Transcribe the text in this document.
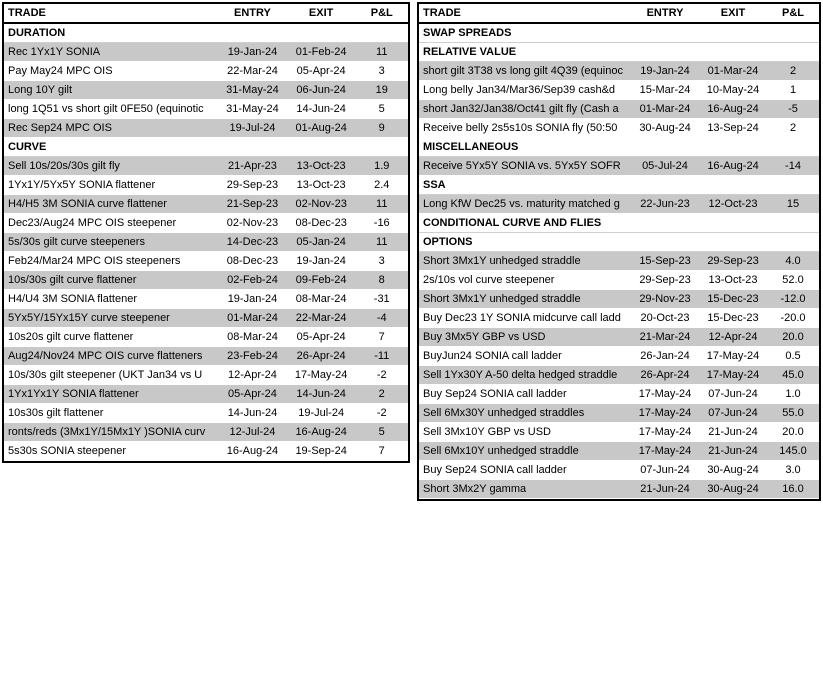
TRADE	ENTRY	EXIT	P&L
DURATION			
Rec 1Yx1Y SONIA	19-Jan-24	01-Feb-24	11
Pay May24 MPC OIS	22-Mar-24	05-Apr-24	3
Long 10Y gilt	31-May-24	06-Jun-24	19
long 1Q51 vs short gilt 0FE50 (equinotic	31-May-24	14-Jun-24	5
Rec Sep24 MPC OIS	19-Jul-24	01-Aug-24	9
CURVE			
Sell 10s/20s/30s gilt fly	21-Apr-23	13-Oct-23	1.9
1Yx1Y/5Yx5Y SONIA flattener	29-Sep-23	13-Oct-23	2.4
H4/H5 3M SONIA curve flattener	21-Sep-23	02-Nov-23	11
Dec23/Aug24 MPC OIS steepener	02-Nov-23	08-Dec-23	-16
5s/30s gilt curve steepeners	14-Dec-23	05-Jan-24	11
Feb24/Mar24 MPC OIS steepeners	08-Dec-23	19-Jan-24	3
10s/30s gilt curve flattener	02-Feb-24	09-Feb-24	8
H4/U4 3M SONIA flattener	19-Jan-24	08-Mar-24	-31
5Yx5Y/15Yx15Y curve steepener	01-Mar-24	22-Mar-24	-4
10s20s gilt curve flattener	08-Mar-24	05-Apr-24	7
Aug24/Nov24 MPC OIS curve flatteners	23-Feb-24	26-Apr-24	-11
10s/30s gilt steepener (UKT Jan34 vs U	12-Apr-24	17-May-24	-2
1Yx1Yx1Y SONIA flattener	05-Apr-24	14-Jun-24	2
10s30s gilt flattener	14-Jun-24	19-Jul-24	-2
ronts/reds (3Mx1Y/15Mx1Y )SONIA curv	12-Jul-24	16-Aug-24	5
5s30s SONIA steepener	16-Aug-24	19-Sep-24	7
TRADE	ENTRY	EXIT	P&L
SWAP SPREADS			
RELATIVE VALUE			
short gilt 3T38 vs long gilt 4Q39 (equinoc	19-Jan-24	01-Mar-24	2
Long belly Jan34/Mar36/Sep39 cash&d	15-Mar-24	10-May-24	1
short Jan32/Jan38/Oct41 gilt fly (Cash a	01-Mar-24	16-Aug-24	-5
Receive belly 2s5s10s SONIA fly (50:50	30-Aug-24	13-Sep-24	2
MISCELLANEOUS			
Receive 5Yx5Y SONIA vs. 5Yx5Y SOFR	05-Jul-24	16-Aug-24	-14
SSA			
Long KfW Dec25 vs. maturity matched g	22-Jun-23	12-Oct-23	15
CONDITIONAL CURVE AND FLIES			
OPTIONS			
Short 3Mx1Y unhedged straddle	15-Sep-23	29-Sep-23	4.0
2s/10s vol curve steepener	29-Sep-23	13-Oct-23	52.0
Short 3Mx1Y unhedged straddle	29-Nov-23	15-Dec-23	-12.0
Buy Dec23 1Y SONIA midcurve call ladd	20-Oct-23	15-Dec-23	-20.0
Buy 3Mx5Y GBP vs USD	21-Mar-24	12-Apr-24	20.0
BuyJun24 SONIA call ladder	26-Jan-24	17-May-24	0.5
Sell 1Yx30Y A-50 delta hedged straddle	26-Apr-24	17-May-24	45.0
Buy Sep24 SONIA call ladder	17-May-24	07-Jun-24	1.0
Sell 6Mx30Y unhedged straddles	17-May-24	07-Jun-24	55.0
Sell 3Mx10Y GBP vs USD	17-May-24	21-Jun-24	20.0
Sell 6Mx10Y unhedged straddle	17-May-24	21-Jun-24	145.0
Buy Sep24 SONIA call ladder	07-Jun-24	30-Aug-24	3.0
Short 3Mx2Y gamma	21-Jun-24	30-Aug-24	16.0
